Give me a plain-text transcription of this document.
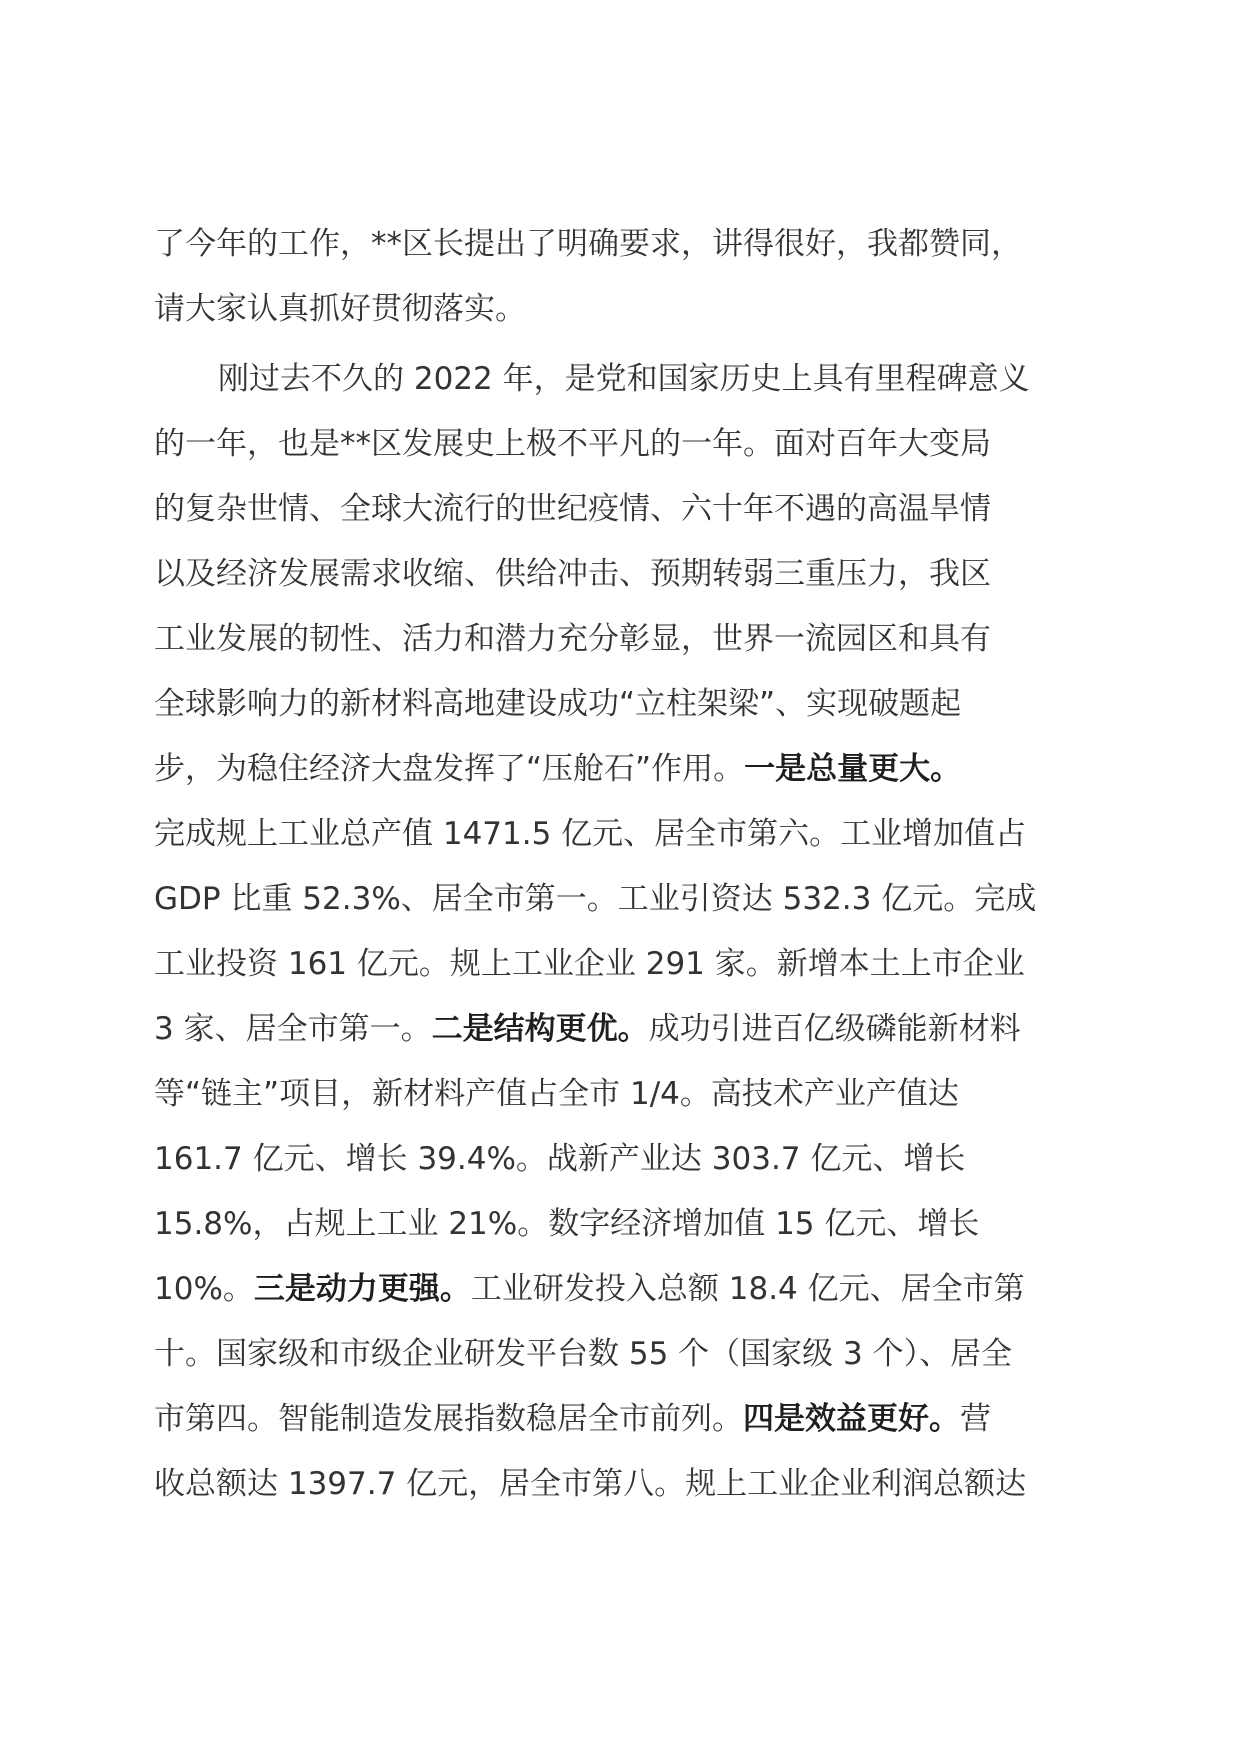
了今年的工作，**区长提出了明确要求，讲得很好，我都赞同，
请大家认真抓好贯彻落实。

刚过去不久的 2022 年，是党和国家历史上具有里程碑意义
的一年，也是**区发展史上极不平凡的一年。面对百年大变局
的复杂世情、全球大流行的世纪疫情、六十年不遇的高温旱情
以及经济发展需求收缩、供给冲击、预期转弱三重压力，我区
工业发展的韧性、活力和潜力充分彰显，世界一流园区和具有
全球影响力的新材料高地建设成功“立柱架梁”、实现破题起
步，为稳住经济大盘发挥了“压舱石”作用。一是总量更大。
完成规上工业总产值 1471.5 亿元、居全市第六。工业增加值占
GDP 比重 52.3%、居全市第一。工业引资达 532.3 亿元。完成
工业投资 161 亿元。规上工业企业 291 家。新增本土上市企业
3 家、居全市第一。二是结构更优。成功引进百亿级磷能新材料
等“链主”项目，新材料产值占全市 1/4。高技术产业产值达
161.7 亿元、增长 39.4%。战新产业达 303.7 亿元、增长
15.8%，占规上工业 21%。数字经济增加值 15 亿元、增长
10%。三是动力更强。工业研发投入总额 18.4 亿元、居全市第
十。国家级和市级企业研发平台数 55 个（国家级 3 个）、居全
市第四。智能制造发展指数稳居全市前列。四是效益更好。营
收总额达 1397.7 亿元，居全市第八。规上工业企业利润总额达
